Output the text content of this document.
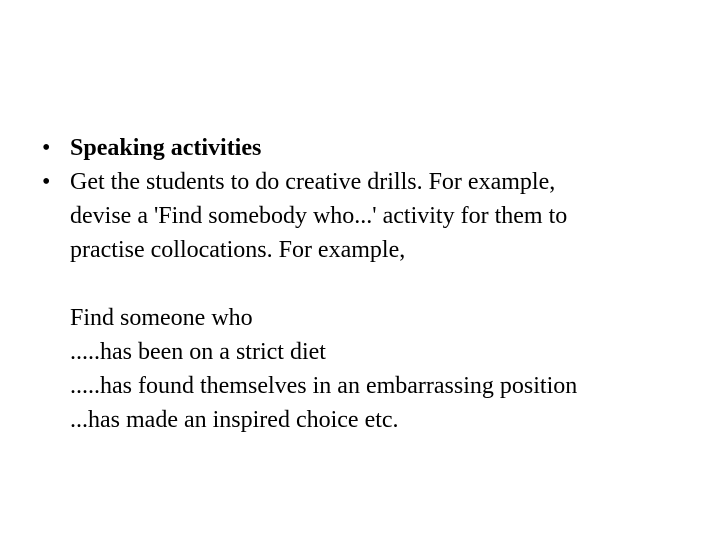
• Speaking activities
• Get the students to do creative drills. For example,
devise a 'Find somebody who...' activity for them to
practise collocations. For example,
Find someone who
.....has been on a strict diet
.....has found themselves in an embarrassing position
...has made an inspired choice etc.
